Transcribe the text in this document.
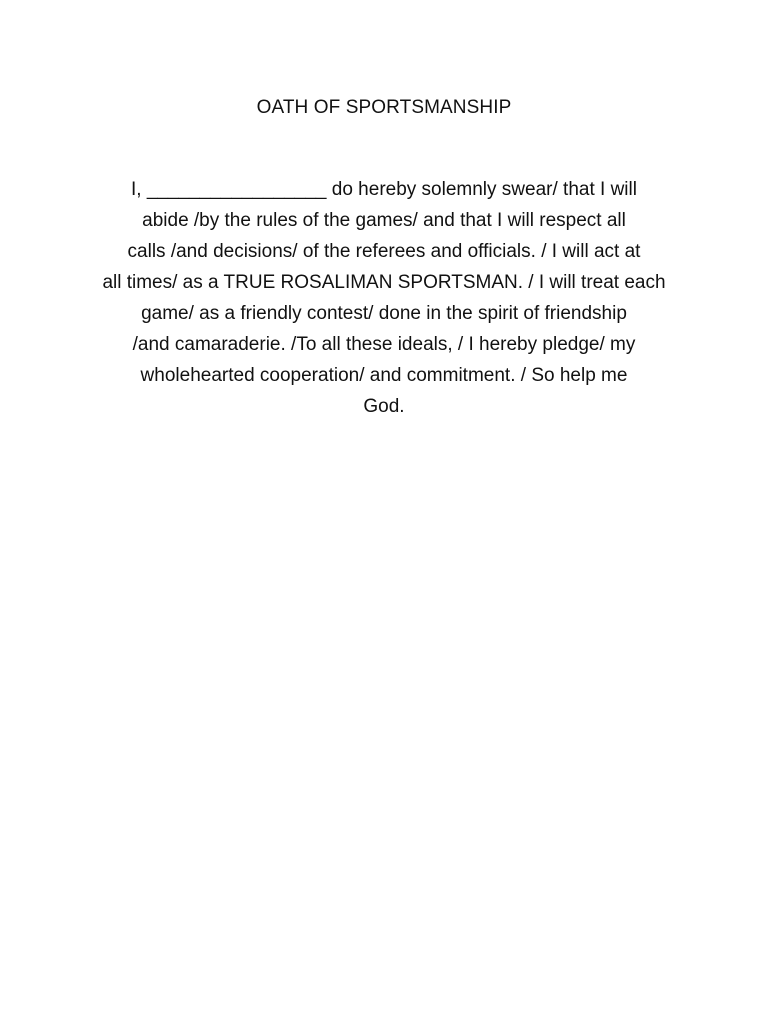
OATH OF SPORTSMANSHIP
I, _________________ do hereby solemnly swear/ that I will
abide /by the rules of the games/ and that I will respect all
calls /and decisions/ of the referees and officials. / I will act at
all times/ as a TRUE ROSALIMAN SPORTSMAN. / I will treat each
game/ as a friendly contest/ done in the spirit of friendship
/and camaraderie. /To all these ideals, / I hereby pledge/ my
wholehearted cooperation/ and commitment. / So help me
God.
